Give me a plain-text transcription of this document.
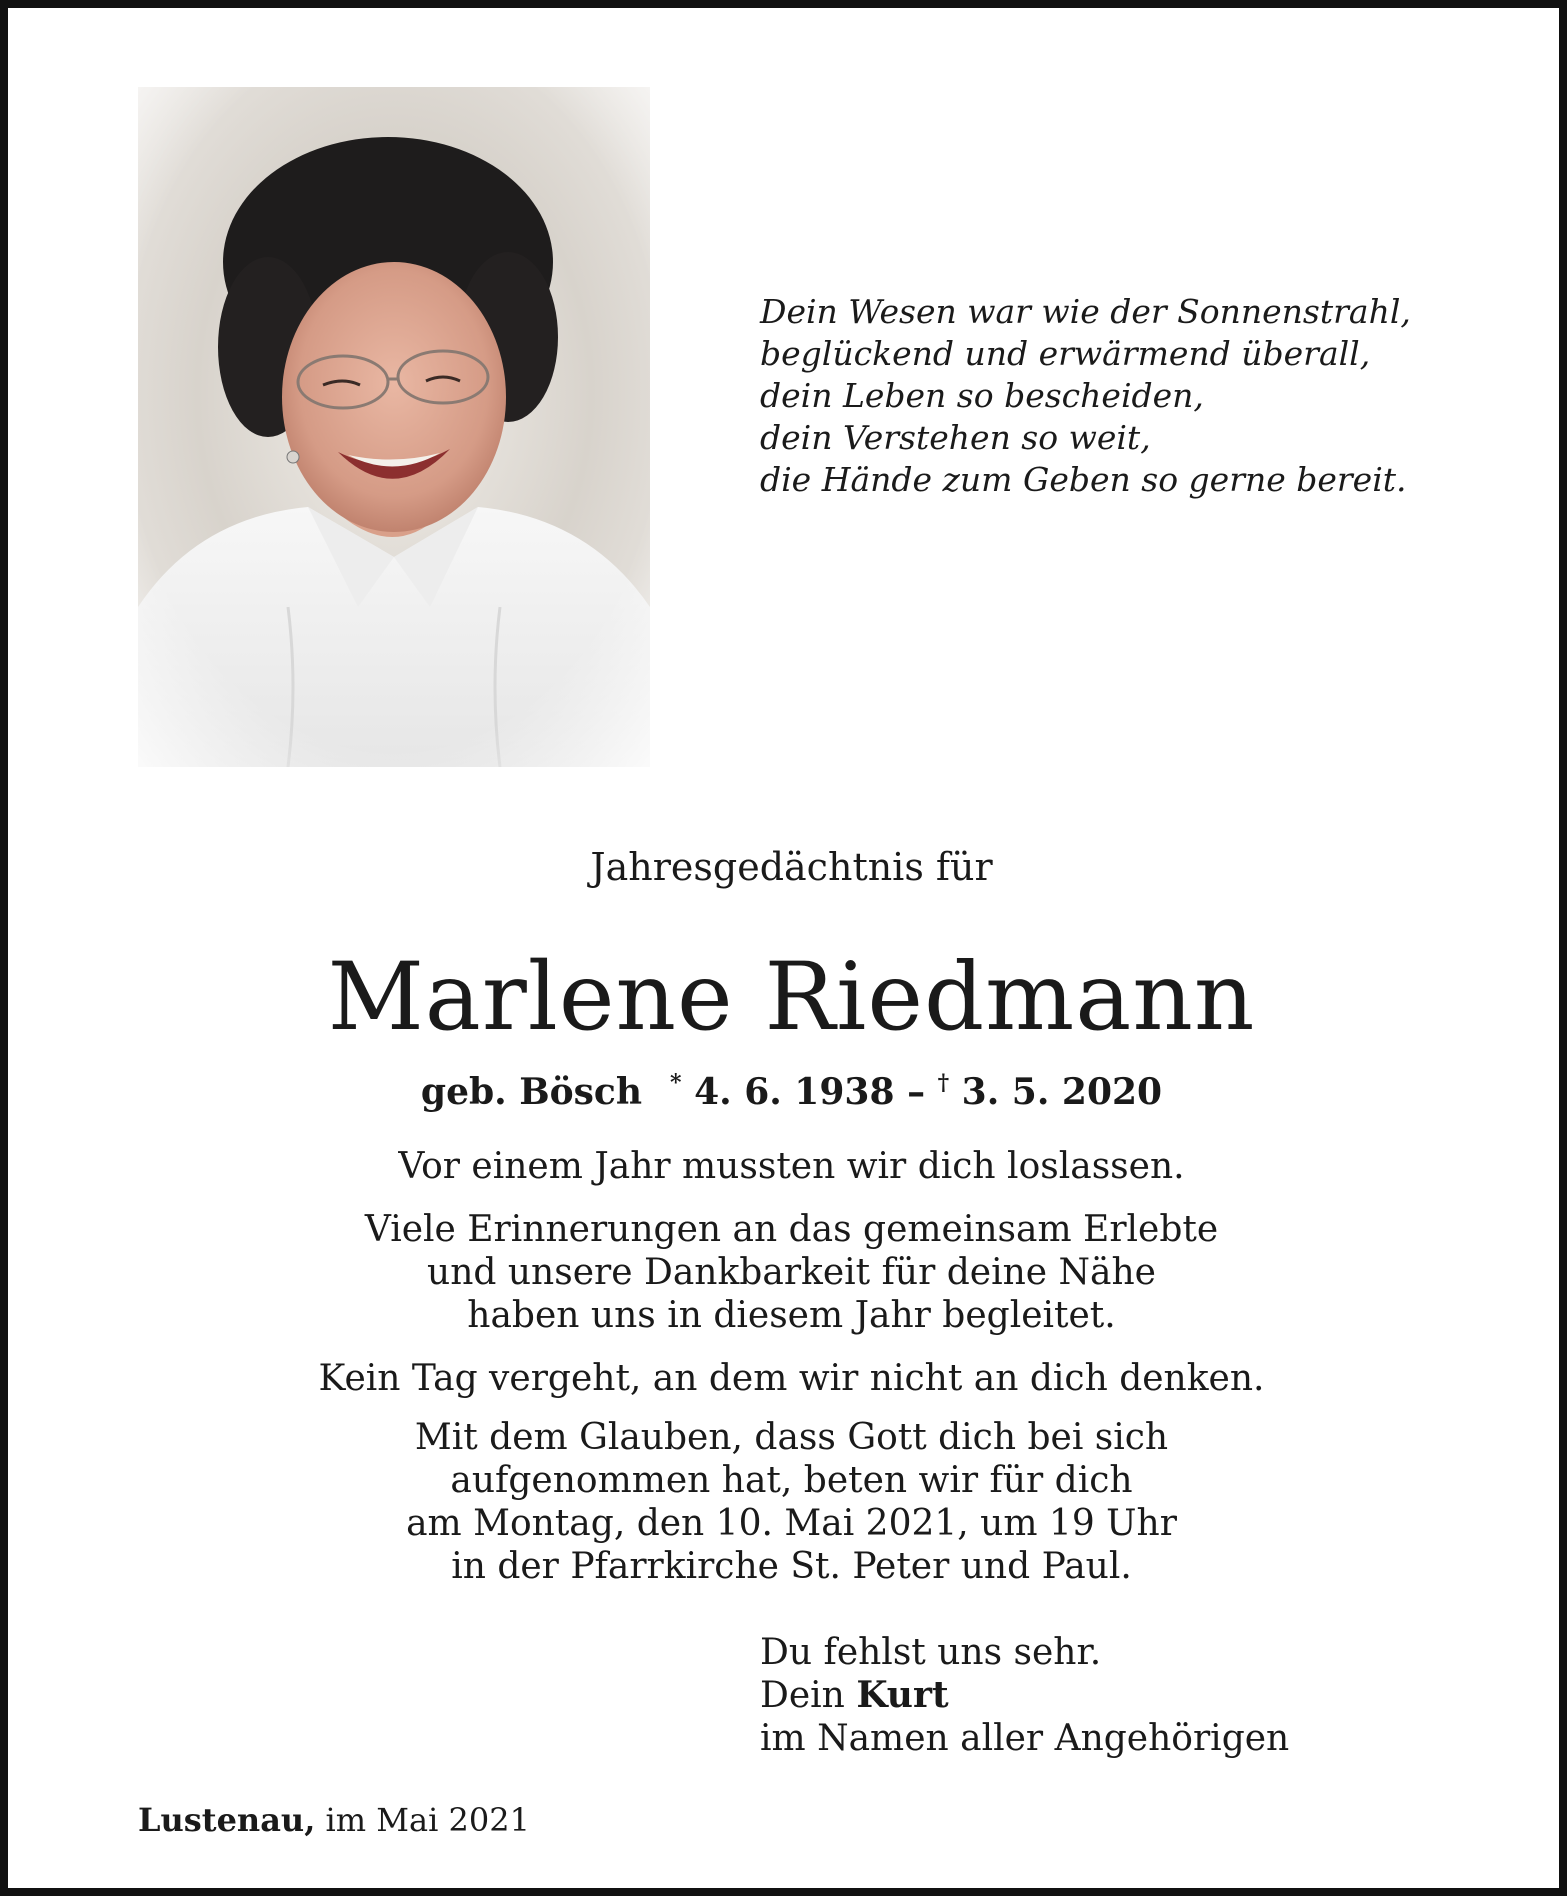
Dein Wesen war wie der Sonnenstrahl,
beglückend und erwärmend überall,
dein Leben so bescheiden,
dein Verstehen so weit,
die Hände zum Geben so gerne bereit.
Jahresgedächtnis für
Marlene Riedmann
geb. Bösch * 4. 6. 1938 – † 3. 5. 2020
Vor einem Jahr mussten wir dich loslassen.
Viele Erinnerungen an das gemeinsam Erlebte
und unsere Dankbarkeit für deine Nähe
haben uns in diesem Jahr begleitet.
Kein Tag vergeht, an dem wir nicht an dich denken.
Mit dem Glauben, dass Gott dich bei sich
aufgenommen hat, beten wir für dich
am Montag, den 10. Mai 2021, um 19 Uhr
in der Pfarrkirche St. Peter und Paul.
Du fehlst uns sehr.
Dein Kurt
im Namen aller Angehörigen
Lustenau, im Mai 2021
